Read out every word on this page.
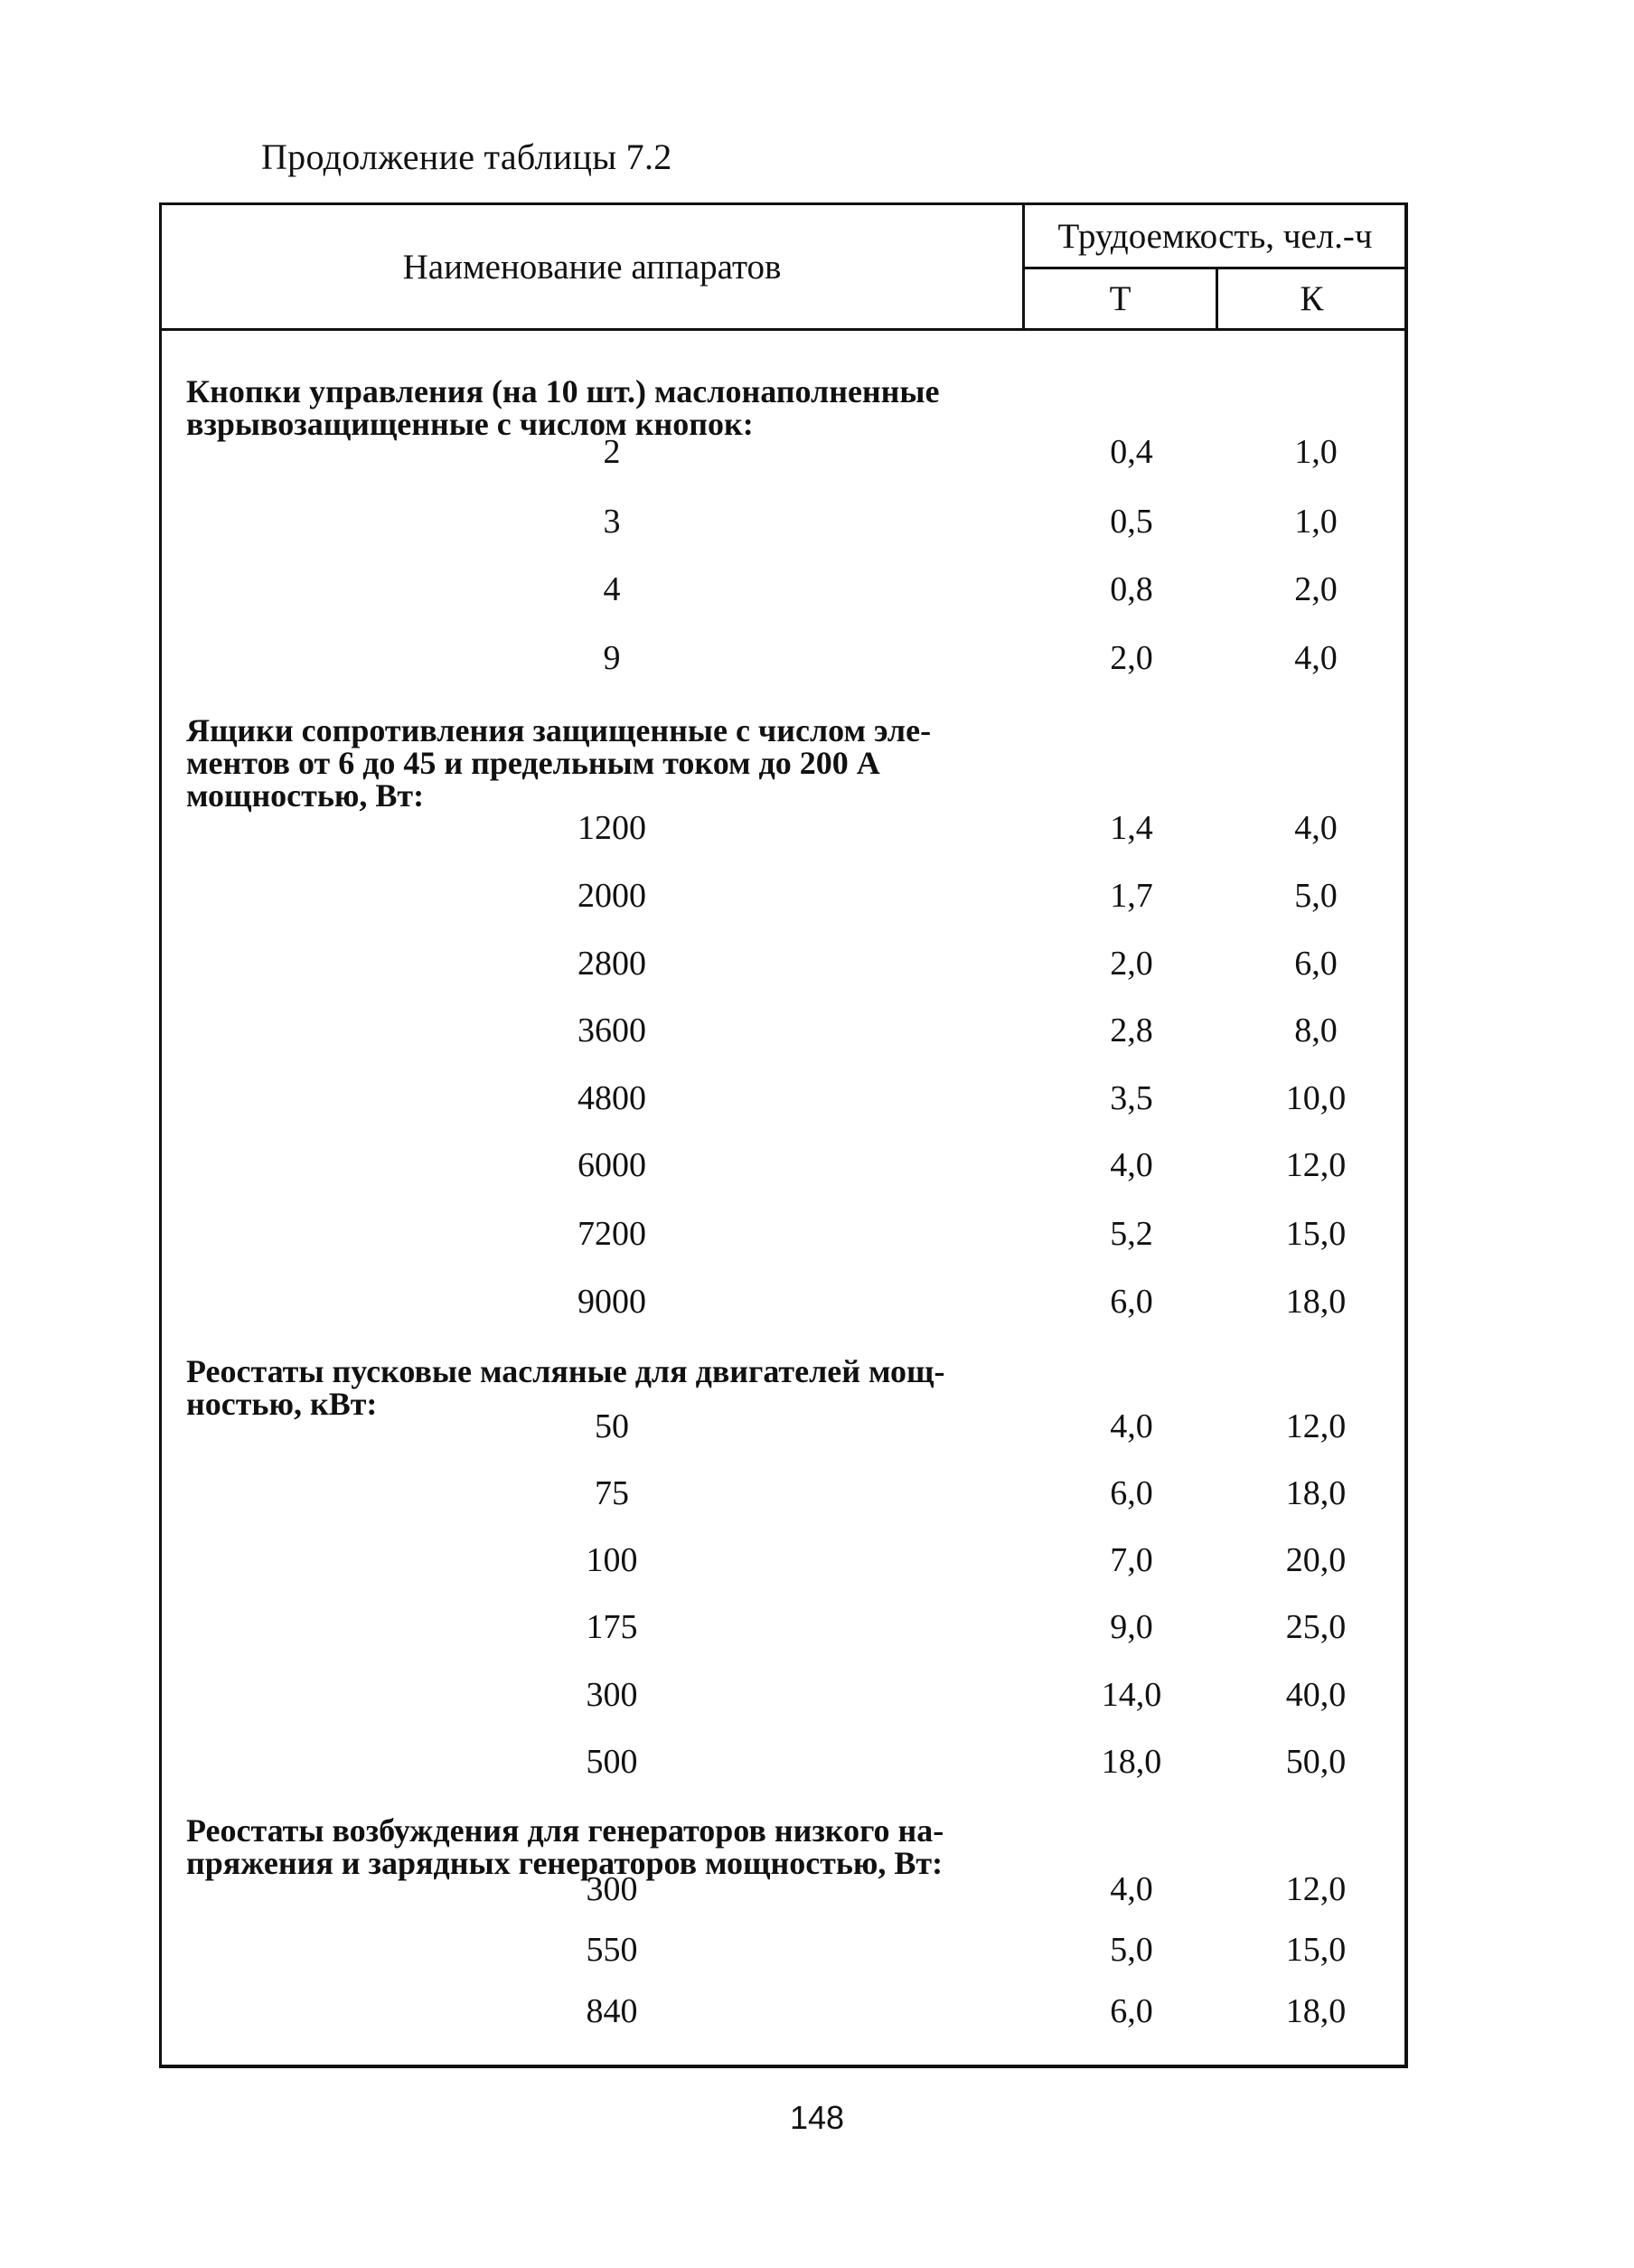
Продолжение таблицы 7.2
Наименование аппаратов
Трудоемкость, чел.-ч
Т	К
Кнопки управления (на 10 шт.) маслонаполненные
взрывозащищенные с числом кнопок:
2	0,4	1,0
3	0,5	1,0
4	0,8	2,0
9	2,0	4,0
Ящики сопротивления защищенные с числом эле-
ментов от 6 до 45 и предельным током до 200 А
мощностью, Вт:
1200	1,4	4,0
2000	1,7	5,0
2800	2,0	6,0
3600	2,8	8,0
4800	3,5	10,0
6000	4,0	12,0
7200	5,2	15,0
9000	6,0	18,0
Реостаты пусковые масляные для двигателей мощ-
ностью, кВт:
50	4,0	12,0
75	6,0	18,0
100	7,0	20,0
175	9,0	25,0
300	14,0	40,0
500	18,0	50,0
Реостаты возбуждения для генераторов низкого на-
пряжения и зарядных генераторов мощностью, Вт:
300	4,0	12,0
550	5,0	15,0
840	6,0	18,0
148
